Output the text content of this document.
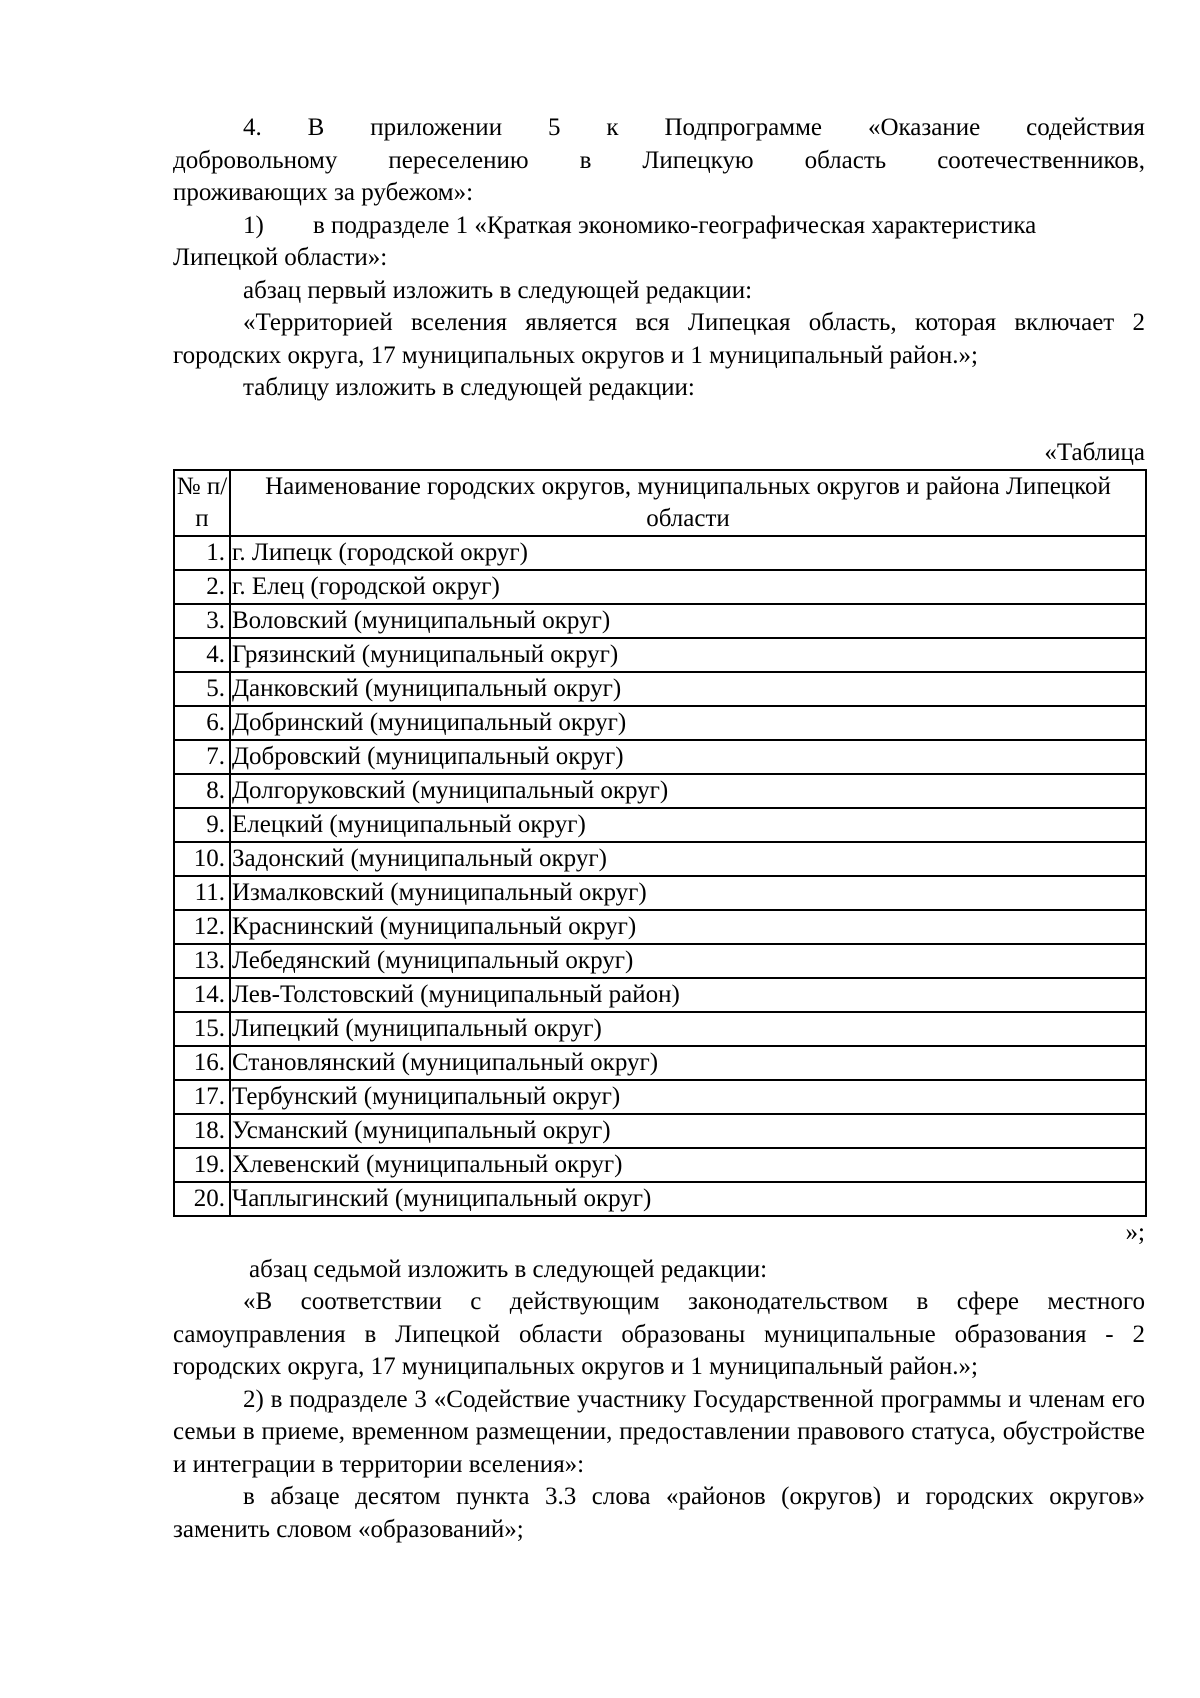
4. В приложении 5 к Подпрограмме «Оказание содействия

добровольному переселению в Липецкую область соотечественников,

проживающих за рубежом»:

1)	в подразделе 1 «Краткая экономико-географическая характеристика

Липецкой области»:

абзац первый изложить в следующей редакции:

«Территорией вселения является вся Липецкая область, которая включает 2 городских округа, 17 муниципальных округов и 1 муниципальный район.»;

таблицу изложить в следующей редакции:

«Таблица

№ п/п	Наименование городских округов, муниципальных округов и района Липецкой области
1.	г. Липецк (городской округ)
2.	г. Елец (городской округ)
3.	Воловский (муниципальный округ)
4.	Грязинский (муниципальный округ)
5.	Данковский (муниципальный округ)
6.	Добринский (муниципальный округ)
7.	Добровский (муниципальный округ)
8.	Долгоруковский (муниципальный округ)
9.	Елецкий (муниципальный округ)
10.	Задонский (муниципальный округ)
11.	Измалковский (муниципальный округ)
12.	Краснинский (муниципальный округ)
13.	Лебедянский (муниципальный округ)
14.	Лев-Толстовский (муниципальный район)
15.	Липецкий (муниципальный округ)
16.	Становлянский (муниципальный округ)
17.	Тербунский (муниципальный округ)
18.	Усманский (муниципальный округ)
19.	Хлевенский (муниципальный округ)
20.	Чаплыгинский (муниципальный округ)

»;

абзац седьмой изложить в следующей редакции:

«В соответствии с действующим законодательством в сфере местного самоуправления в Липецкой области образованы муниципальные образования - 2 городских округа, 17 муниципальных округов и 1 муниципальный район.»;

2) в подразделе 3 «Содействие участнику Государственной программы и членам его семьи в приеме, временном размещении, предоставлении правового статуса, обустройстве и интеграции в территории вселения»:

в абзаце десятом пункта 3.3 слова «районов (округов) и городских округов» заменить словом «образований»;
